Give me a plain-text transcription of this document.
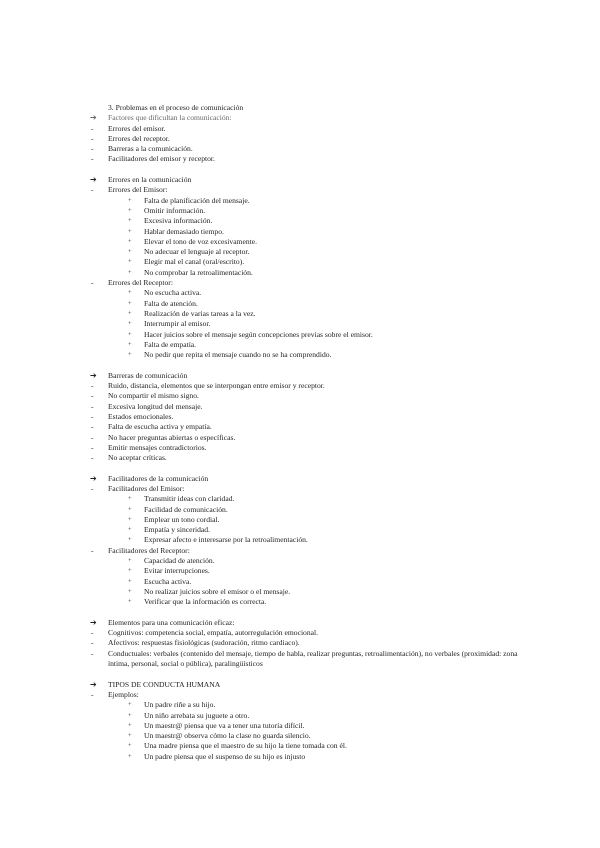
3. Problemas en el proceso de comunicación
➔ Factores que dificultan la comunicación:
- Errores del emisor.
- Errores del receptor.
- Barreras a la comunicación.
- Facilitadores del emisor y receptor.
➔ Errores en la comunicación
- Errores del Emisor:
+ Falta de planificación del mensaje.
+ Omitir información.
+ Excesiva información.
+ Hablar demasiado tiempo.
+ Elevar el tono de voz excesivamente.
+ No adecuar el lenguaje al receptor.
+ Elegir mal el canal (oral/escrito).
+ No comprobar la retroalimentación.
- Errores del Receptor:
+ No escucha activa.
+ Falta de atención.
+ Realización de varias tareas a la vez.
+ Interrumpir al emisor.
+ Hacer juicios sobre el mensaje según concepciones previas sobre el emisor.
+ Falta de empatía.
+ No pedir que repita el mensaje cuando no se ha comprendido.
➔ Barreras de comunicación
- Ruido, distancia, elementos que se interpongan entre emisor y receptor.
- No compartir el mismo signo.
- Excesiva longitud del mensaje.
- Estados emocionales.
- Falta de escucha activa y empatía.
- No hacer preguntas abiertas o específicas.
- Emitir mensajes contradictorios.
- No aceptar críticas.
➔ Facilitadores de la comunicación
- Facilitadores del Emisor:
+ Transmitir ideas con claridad.
+ Facilidad de comunicación.
+ Emplear un tono cordial.
+ Empatía y sinceridad.
+ Expresar afecto e interesarse por la retroalimentación.
- Facilitadores del Receptor:
+ Capacidad de atención.
+ Evitar interrupciones.
+ Escucha activa.
+ No realizar juicios sobre el emisor o el mensaje.
+ Verificar que la información es correcta.
➔ Elementos para una comunicación eficaz:
- Cognitivos: competencia social, empatía, autorregulación emocional.
- Afectivos: respuestas fisiológicas (sudoración, ritmo cardiaco).
- Conductuales: verbales (contenido del mensaje, tiempo de habla, realizar preguntas, retroalimentación), no verbales (proximidad: zona íntima, personal, social o pública), paralingüísticos
➔ TIPOS DE CONDUCTA HUMANA
- Ejemplos:
+ Un padre riñe a su hijo.
+ Un niño arrebata su juguete a otro.
+ Un maestr@ piensa que va a tener una tutoría difícil.
+ Un maestr@ observa cómo la clase no guarda silencio.
+ Una madre piensa que el maestro de su hijo la tiene tomada con él.
+ Un padre piensa que el suspenso de su hijo es injusto
